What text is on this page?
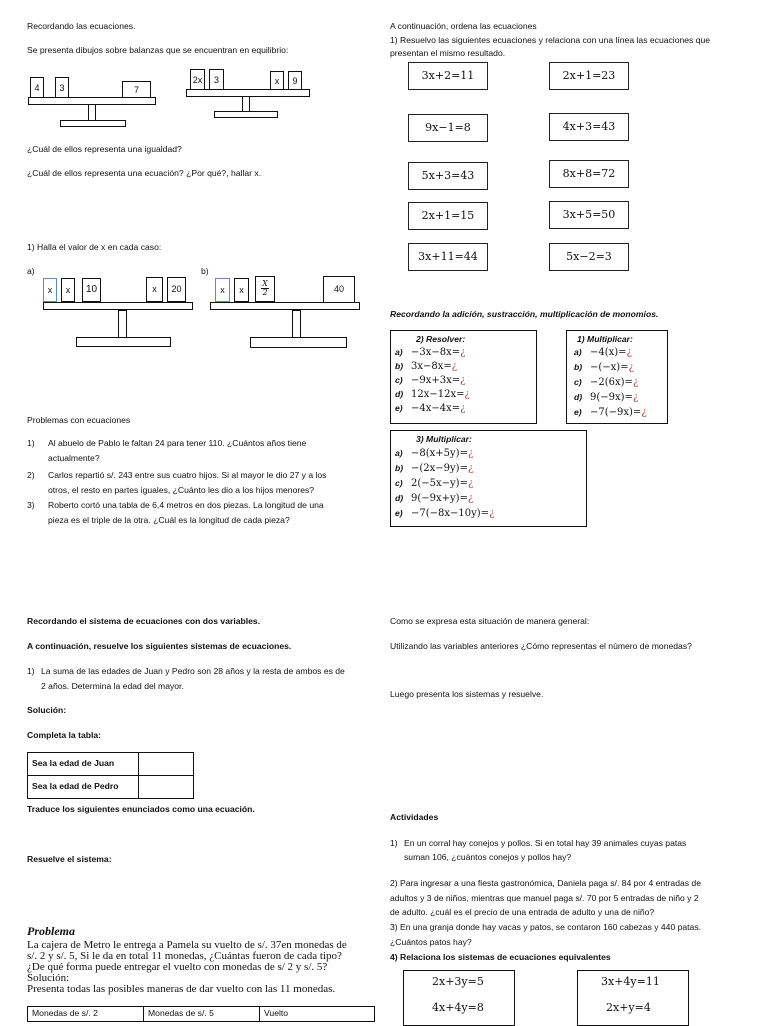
Recordando las ecuaciones.
Se presenta dibujos sobre balanzas que se encuentran en equilibrio:
4	3	7
2x	3	x	9
¿Cuál de ellos representa una igualdad?
¿Cuál de ellos representa una ecuación? ¿Por qué?, hallar x.
1) Halla el valor de x en cada caso:
a)
x	x	10	x	20
b)
x	x	$\frac{X}{2}$	40
Problemas con ecuaciones
1) Al abuelo de Pablo le faltan 24 para tener 110. ¿Cuántos años tiene
actualmente?
2) Carlos repartió s/. 243 entre sus cuatro hijos. Si al mayor le dio 27 y a los
otros, el resto en partes iguales, ¿Cuánto les dio a los hijos menores?
3) Roberto cortó una tabla de 6,4 metros en dos piezas. La longitud de una
pieza es el triple de la otra. ¿Cuál es la longitud de cada pieza?
A continuación, ordena las ecuaciones
1) Resuelvo las siguientes ecuaciones y relaciona con una línea las ecuaciones que
presentan el mismo resultado.
3x+2=11
9x−1=8
5x+3=43
2x+1=15
3x+11=44
2x+1=23
4x+3=43
8x+8=72
3x+5=50
5x−2=3
Recordando la adición, sustracción, multiplicación de monomios.
2) Resolver:
a) −3x−8x=¿
b) 3x−8x=¿
c) −9x+3x=¿
d) 12x−12x=¿
e) −4x−4x=¿
1) Multiplicar:
a) −4(x)=¿
b) −(−x)=¿
c) −2(6x)=¿
d) 9(−9x)=¿
e) −7(−9x)=¿
3) Multiplicar:
a) −8(x+5y)=¿
b) −(2x−9y)=¿
c) 2(−5x−y)=¿
d) 9(−9x+y)=¿
e) −7(−8x−10y)=¿
Recordando el sistema de ecuaciones con dos variables.
A continuación, resuelve los siguientes sistemas de ecuaciones.
1) La suma de las edades de Juan y Pedro son 28 años y la resta de ambos es de
2 años. Determina la edad del mayor.
Solución:
Completa la tabla:
Sea la edad de Juan	
Sea la edad de Pedro	
Traduce los siguientes enunciados como una ecuación.
Resuelve el sistema:
Problema
La cajera de Metro le entrega a Pamela su vuelto de s/. 37en monedas de
s/. 2 y s/. 5, Si le da en total 11 monedas, ¿Cuántas fueron de cada tipo?
¿De qué forma puede entregar el vuelto con monedas de s/ 2 y s/. 5?
Solución:
Presenta todas las posibles maneras de dar vuelto con las 11 monedas.
Monedas de s/. 2	Monedas de s/. 5	Vuelto
Como se expresa esta situación de manera general:
Utilizando las variables anteriores ¿Cómo representas el número de monedas?
Luego presenta los sistemas y resuelve.
Actividades
1) En un corral hay conejos y pollos. Si en total hay 39 animales cuyas patas
suman 106, ¿cuántos conejos y pollos hay?
2) Para ingresar a una fiesta gastronómica, Daniela paga s/. 84 por 4 entradas de
adultos y 3 de niños, mientras que manuel paga s/. 70 por 5 entradas de niño y 2
de adulto. ¿cuál es el precio de una entrada de adulto y una de niño?
3) En una granja donde hay vacas y patos, se contaron 160 cabezas y 440 patas.
¿Cuántos patos hay?
4) Relaciona los sistemas de ecuaciones equivalentes
2x+3y=5
4x+4y=8
3x+4y=11
2x+y=4
